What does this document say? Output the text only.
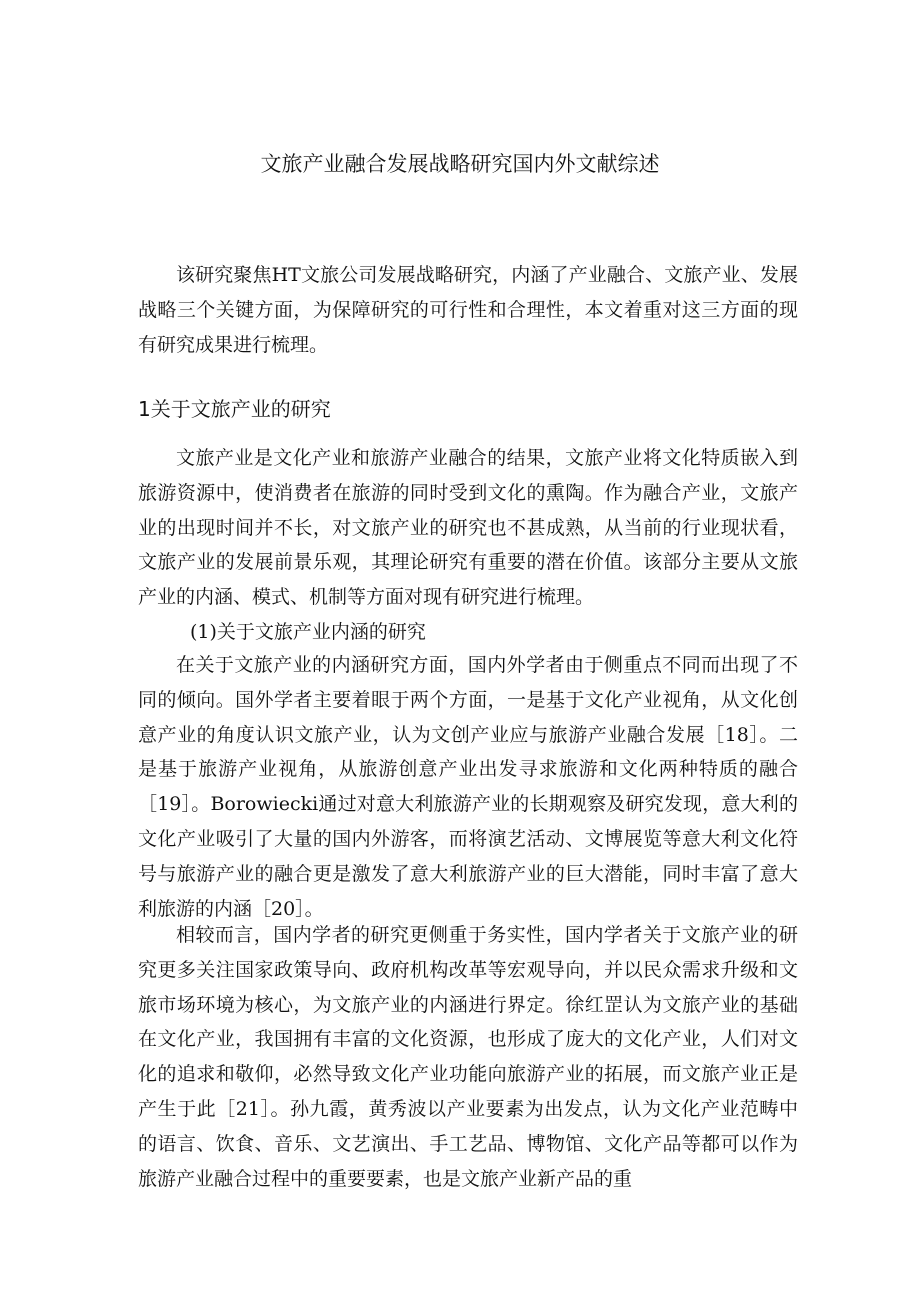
文旅产业融合发展战略研究国内外文献综述

该研究聚焦HT文旅公司发展战略研究，内涵了产业融合、文旅产业、发展战略三个关键方面，为保障研究的可行性和合理性，本文着重对这三方面的现有研究成果进行梳理。

1关于文旅产业的研究

文旅产业是文化产业和旅游产业融合的结果，文旅产业将文化特质嵌入到旅游资源中，使消费者在旅游的同时受到文化的熏陶。作为融合产业，文旅产业的出现时间并不长，对文旅产业的研究也不甚成熟，从当前的行业现状看，文旅产业的发展前景乐观，其理论研究有重要的潜在价值。该部分主要从文旅产业的内涵、模式、机制等方面对现有研究进行梳理。

(1)关于文旅产业内涵的研究

在关于文旅产业的内涵研究方面，国内外学者由于侧重点不同而出现了不同的倾向。国外学者主要着眼于两个方面，一是基于文化产业视角，从文化创意产业的角度认识文旅产业，认为文创产业应与旅游产业融合发展［18］。二是基于旅游产业视角，从旅游创意产业出发寻求旅游和文化两种特质的融合［19］。Borowiecki通过对意大利旅游产业的长期观察及研究发现，意大利的文化产业吸引了大量的国内外游客，而将演艺活动、文博展览等意大利文化符号与旅游产业的融合更是激发了意大利旅游产业的巨大潜能，同时丰富了意大利旅游的内涵［20］。

相较而言，国内学者的研究更侧重于务实性，国内学者关于文旅产业的研究更多关注国家政策导向、政府机构改革等宏观导向，并以民众需求升级和文旅市场环境为核心，为文旅产业的内涵进行界定。徐红罡认为文旅产业的基础在文化产业，我国拥有丰富的文化资源，也形成了庞大的文化产业，人们对文化的追求和敬仰，必然导致文化产业功能向旅游产业的拓展，而文旅产业正是产生于此［21］。孙九霞，黄秀波以产业要素为出发点，认为文化产业范畴中的语言、饮食、音乐、文艺演出、手工艺品、博物馆、文化产品等都可以作为旅游产业融合过程中的重要要素，也是文旅产业新产品的重
